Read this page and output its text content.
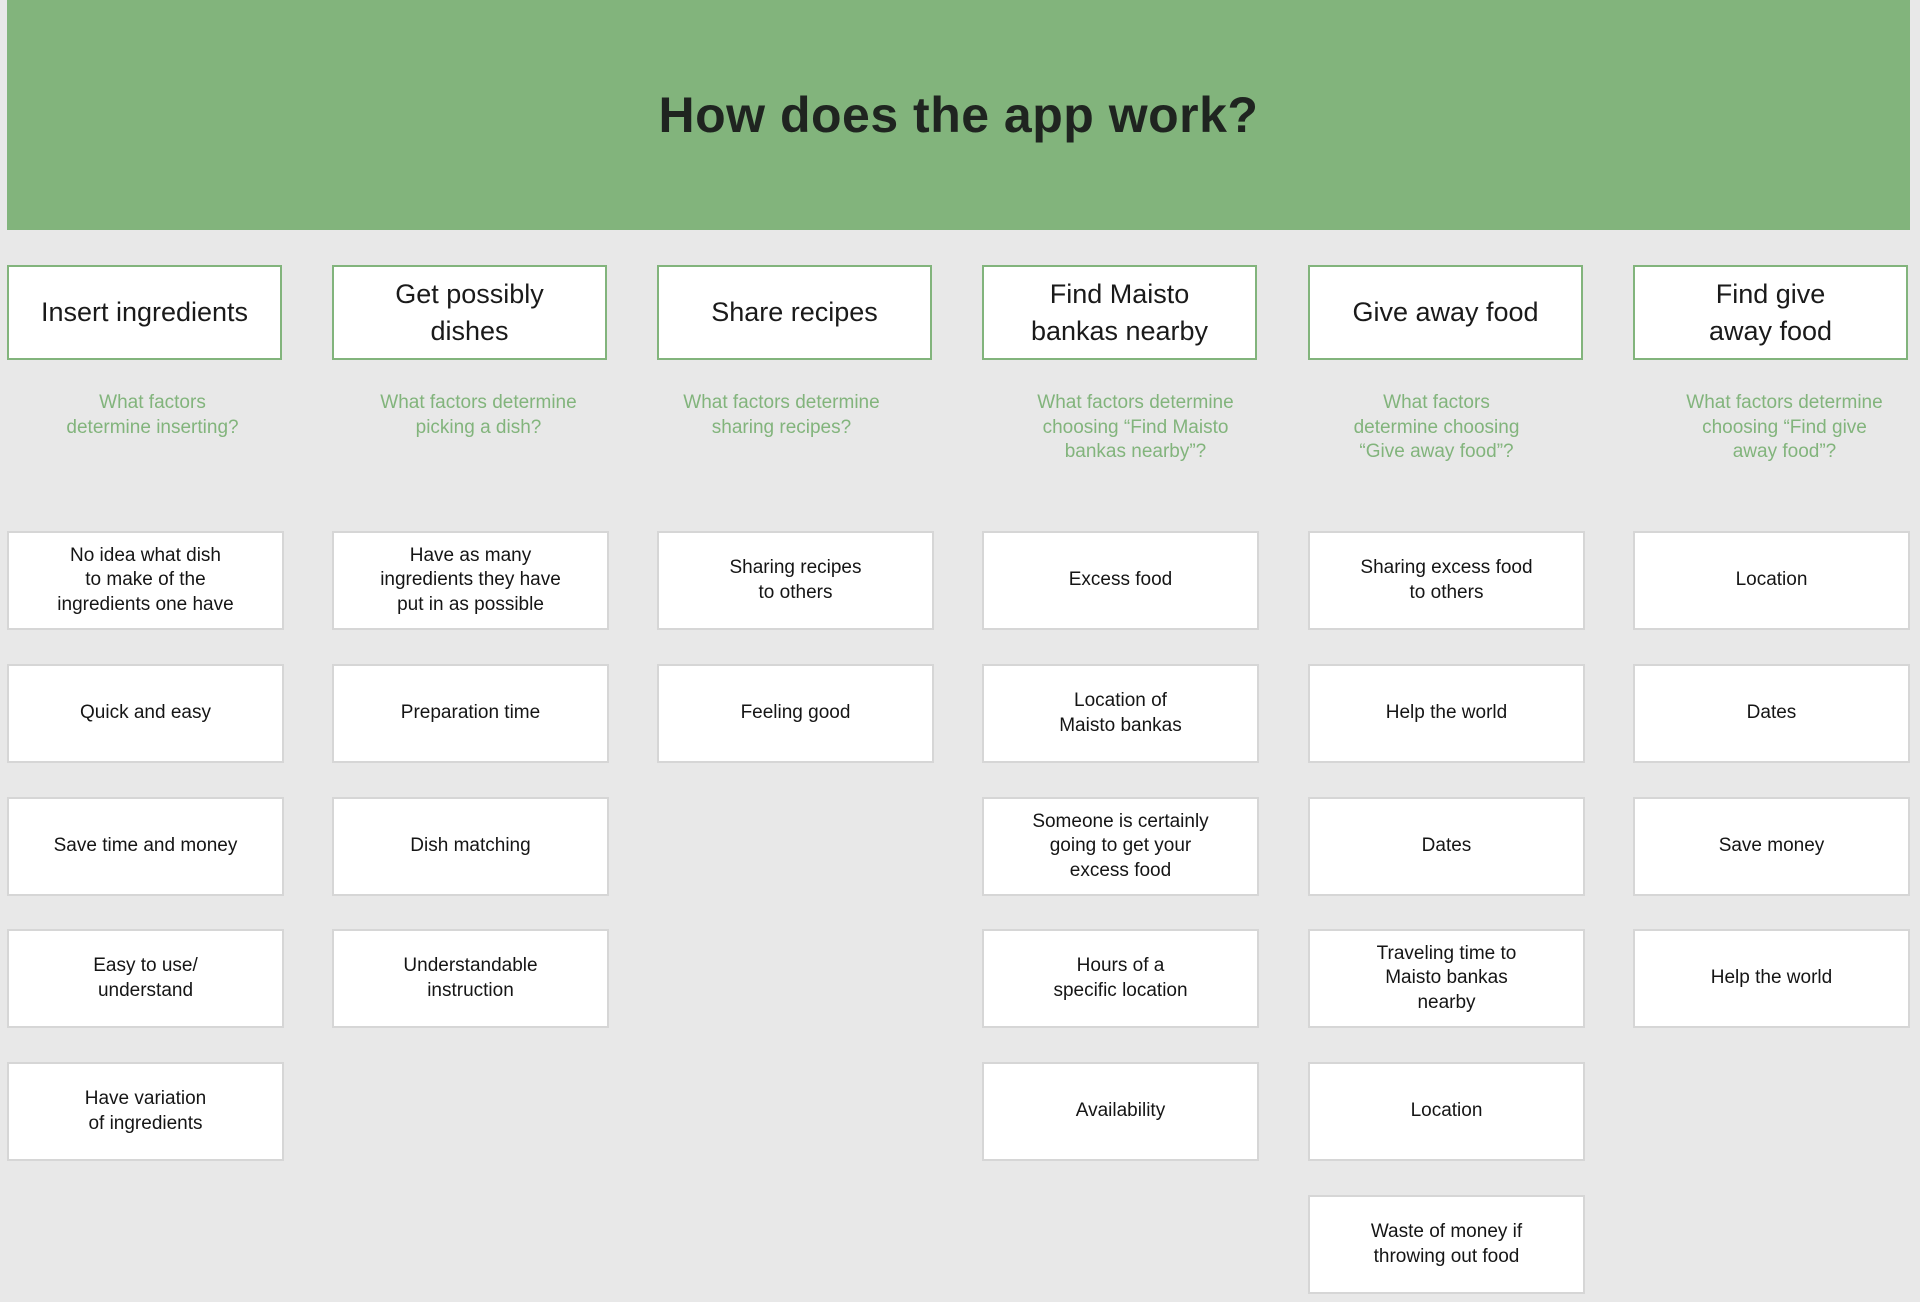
How does the app work?
Insert ingredients
What factors
determine inserting?
No idea what dish
to make of the
ingredients one have
Quick and easy
Save time and money
Easy to use/
understand
Have variation
of ingredients
Get possibly
dishes
What factors determine
picking a dish?
Have as many
ingredients they have
put in as possible
Preparation time
Dish matching
Understandable
instruction
Share recipes
What factors determine
sharing recipes?
Sharing recipes
to others
Feeling good
Find Maisto
bankas nearby
What factors determine
choosing “Find Maisto
bankas nearby”?
Excess food
Location of
Maisto bankas
Someone is certainly
going to get your
excess food
Hours of a
specific location
Availability
Give away food
What factors
determine choosing
“Give away food”?
Sharing excess food
to others
Help the world
Dates
Traveling time to
Maisto bankas
nearby
Location
Waste of money if
throwing out food
Find give
away food
What factors determine
choosing “Find give
away food”?
Location
Dates
Save money
Help the world
